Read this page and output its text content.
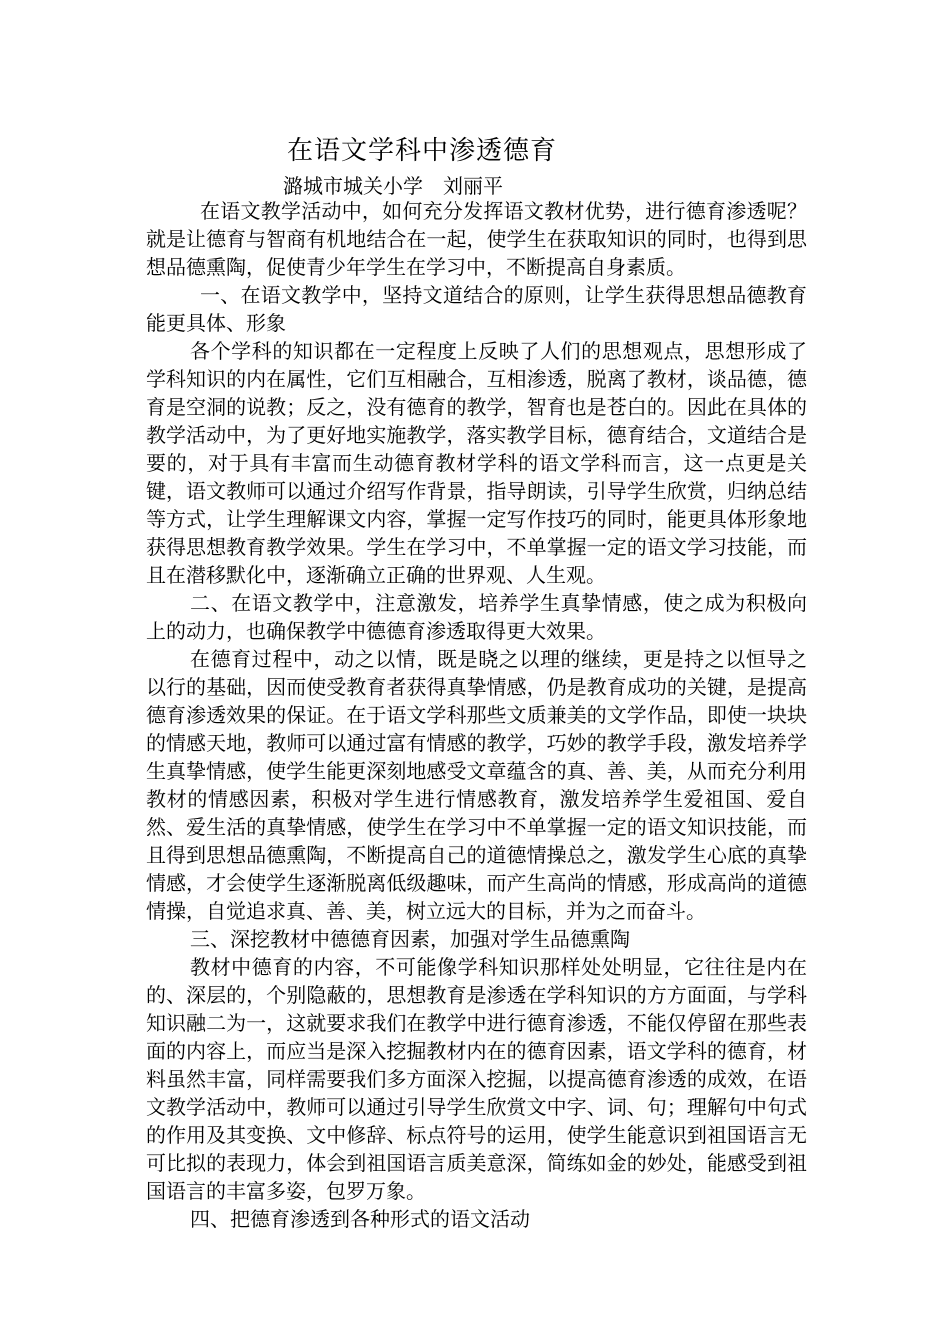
在语文学科中渗透德育
潞城市城关小学　刘丽平

在语文教学活动中，如何充分发挥语文教材优势，进行德育渗透呢？就是让德育与智商有机地结合在一起，使学生在获取知识的同时，也得到思想品德熏陶，促使青少年学生在学习中，不断提高自身素质。

一、在语文教学中，坚持文道结合的原则，让学生获得思想品德教育能更具体、形象

各个学科的知识都在一定程度上反映了人们的思想观点，思想形成了学科知识的内在属性，它们互相融合，互相渗透，脱离了教材，谈品德，德育是空洞的说教；反之，没有德育的教学，智育也是苍白的。因此在具体的教学活动中，为了更好地实施教学，落实教学目标，德育结合，文道结合是要的，对于具有丰富而生动德育教材学科的语文学科而言，这一点更是关键，语文教师可以通过介绍写作背景，指导朗读，引导学生欣赏，归纳总结等方式，让学生理解课文内容，掌握一定写作技巧的同时，能更具体形象地获得思想教育教学效果。学生在学习中，不单掌握一定的语文学习技能，而且在潜移默化中，逐渐确立正确的世界观、人生观。

二、在语文教学中，注意激发，培养学生真挚情感，使之成为积极向上的动力，也确保教学中德德育渗透取得更大效果。

在德育过程中，动之以情，既是晓之以理的继续，更是持之以恒导之以行的基础，因而使受教育者获得真挚情感，仍是教育成功的关键，是提高德育渗透效果的保证。在于语文学科那些文质兼美的文学作品，即使一块块的情感天地，教师可以通过富有情感的教学，巧妙的教学手段，激发培养学生真挚情感，使学生能更深刻地感受文章蕴含的真、善、美，从而充分利用教材的情感因素，积极对学生进行情感教育，激发培养学生爱祖国、爱自然、爱生活的真挚情感，使学生在学习中不单掌握一定的语文知识技能，而且得到思想品德熏陶，不断提高自己的道德情操总之，激发学生心底的真挚情感，才会使学生逐渐脱离低级趣味，而产生高尚的情感，形成高尚的道德情操，自觉追求真、善、美，树立远大的目标，并为之而奋斗。

三、深挖教材中德德育因素，加强对学生品德熏陶

教材中德育的内容，不可能像学科知识那样处处明显，它往往是内在的、深层的，个别隐蔽的，思想教育是渗透在学科知识的方方面面，与学科知识融二为一，这就要求我们在教学中进行德育渗透，不能仅停留在那些表面的内容上，而应当是深入挖掘教材内在的德育因素，语文学科的德育，材料虽然丰富，同样需要我们多方面深入挖掘，以提高德育渗透的成效，在语文教学活动中，教师可以通过引导学生欣赏文中字、词、句；理解句中句式的作用及其变换、文中修辞、标点符号的运用，使学生能意识到祖国语言无可比拟的表现力，体会到祖国语言质美意深，简练如金的妙处，能感受到祖国语言的丰富多姿，包罗万象。

四、把德育渗透到各种形式的语文活动
